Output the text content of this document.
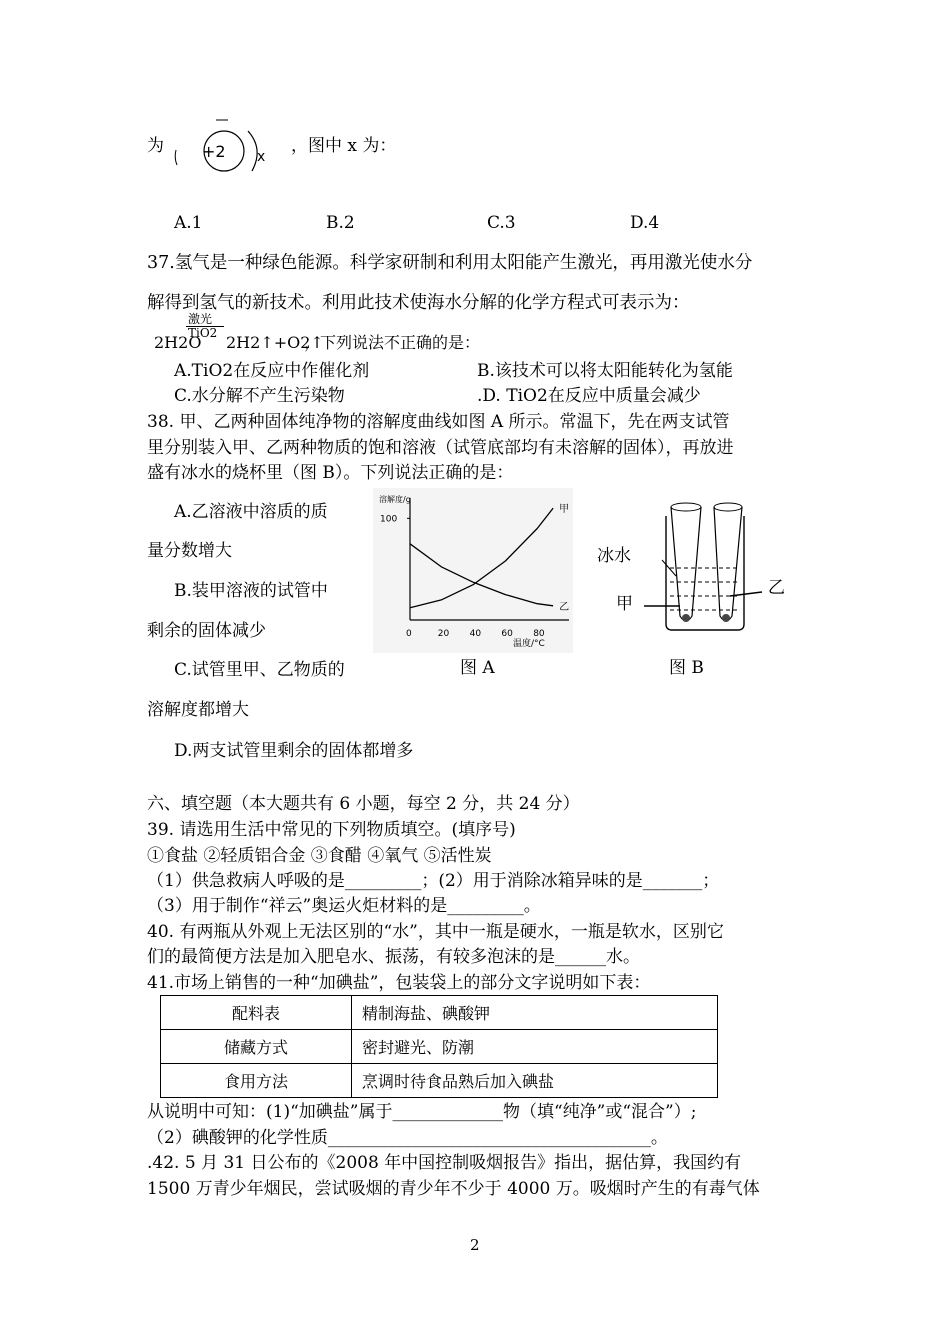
为 +2 x
，图中 x 为：
A.1	B.2	C.3	D.4
37.氢气是一种绿色能源。科学家研制和利用太阳能产生激光，再用激光使水分
解得到氢气的新技术。利用此技术使海水分解的化学方程式可表示为：
激光
TiO2
2H2O 2H2↑+O2↑
，下列说法不正确的是：
A.TiO2在反应中作催化剂	B.该技术可以将太阳能转化为氢能
C.水分解不产生污染物	.D. TiO2在反应中质量会减少
38. 甲、乙两种固体纯净物的溶解度曲线如图 A 所示。常温下，先在两支试管
里分别装入甲、乙两种物质的饱和溶液（试管底部均有未溶解的固体），再放进
盛有冰水的烧杯里（图 B）。下列说法正确的是：
A.乙溶液中溶质的质
量分数增大
B.装甲溶液的试管中
剩余的固体减少
C.试管里甲、乙物质的
溶解度都增大
D.两支试管里剩余的固体都增多
溶解度/g
温度/°C
0	20 40 60 80
100
甲
乙
图 A
冰水
甲
乙
图 B
六、填空题（本大题共有 6 小题，每空 2 分，共 24 分）
39. 请选用生活中常见的下列物质填空。(填序号)
①食盐 ②轻质铝合金 ③食醋 ④氧气 ⑤活性炭
（1）供急救病人呼吸的是_________；(2）用于消除冰箱异味的是_______；
（3）用于制作“祥云”奥运火炬材料的是_________。
40. 有两瓶从外观上无法区别的“水”，其中一瓶是硬水，一瓶是软水，区别它
们的最简便方法是加入肥皂水、振荡，有较多泡沫的是______水。
41.市场上销售的一种“加碘盐”，包装袋上的部分文字说明如下表：
配料表	精制海盐、碘酸钾
储藏方式	密封避光、防潮
食用方法	烹调时待食品熟后加入碘盐
从说明中可知：(1)“加碘盐”属于_____________物（填“纯净”或“混合”）;
（2）碘酸钾的化学性质______________________________________。
.42. 5 月 31 日公布的《2008 年中国控制吸烟报告》指出，据估算，我国约有
1500 万青少年烟民，尝试吸烟的青少年不少于 4000 万。吸烟时产生的有毒气体
2
